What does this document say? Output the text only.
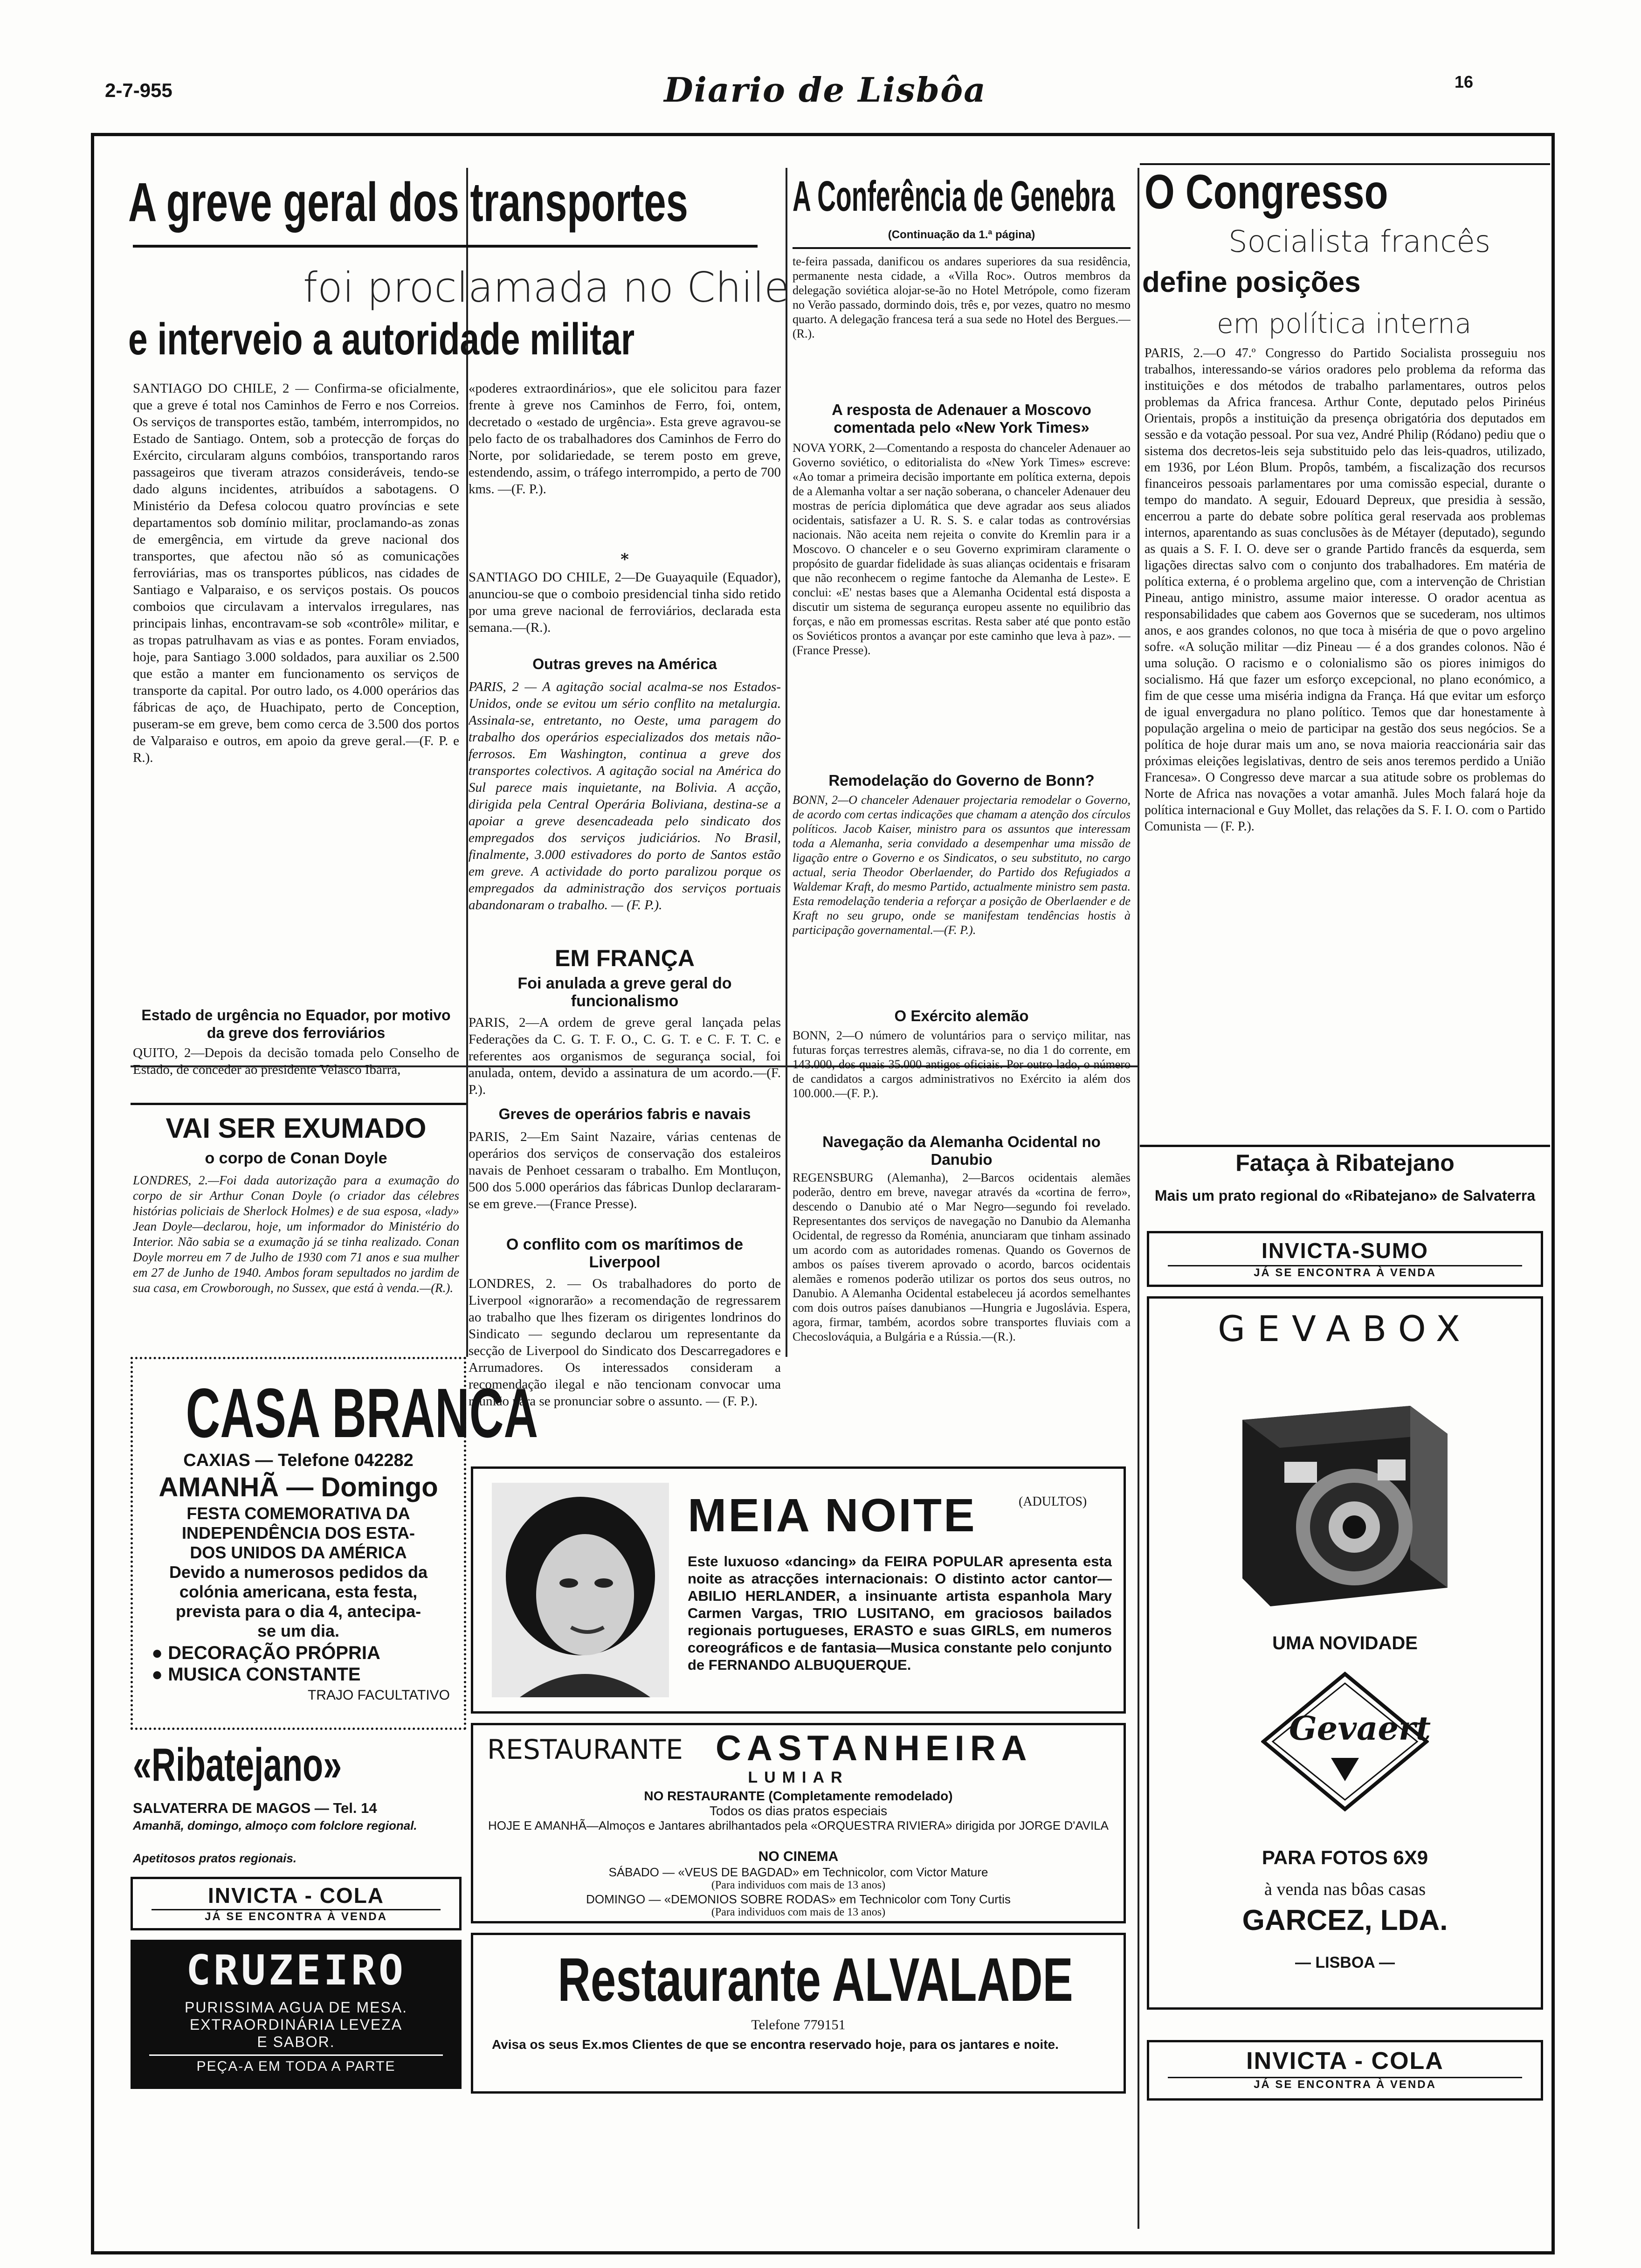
2-7-955	Diario de Lisbôa	16
A greve geral dos transportes
foi proclamada no Chile
e interveio a autoridade militar
SANTIAGO DO CHILE, 2 — Confirma-se oficialmente, que a greve é total nos Caminhos de Ferro e nos Correios. Os serviços de transportes estão, também, interrompidos, no Estado de Santiago. Ontem, sob a protecção de forças do Exército, circularam alguns combóios, transportando raros passageiros que tiveram atrazos consideráveis, tendo-se dado alguns incidentes, atribuídos a sabotagens. O Ministério da Defesa colocou quatro províncias e sete departamentos sob domínio militar, proclamando-as zonas de emergência, em virtude da greve nacional dos transportes, que afectou não só as comunicações ferroviárias, mas os transportes públicos, nas cidades de Santiago e Valparaiso, e os serviços postais. Os poucos comboios que circulavam a intervalos irregulares, nas principais linhas, encontravam-se sob «contrôle» militar, e as tropas patrulhavam as vias e as pontes. Foram enviados, hoje, para Santiago 3.000 soldados, para auxiliar os 2.500 que estão a manter em funcionamento os serviços de transporte da capital. Por outro lado, os 4.000 operários das fábricas de aço, de Huachipato, perto de Conception, puseram-se em greve, bem como cerca de 3.500 dos portos de Valparaiso e outros, em apoio da greve geral.—(F. P. e R.).
Estado de urgência no Equador, por motivo da greve dos ferroviários
QUITO, 2—Depois da decisão tomada pelo Conselho de Estado, de conceder ao presidente Velasco Ibarra,
«poderes extraordinários», que ele solicitou para fazer frente à greve nos Caminhos de Ferro, foi, ontem, decretado o «estado de urgência». Esta greve agravou-se pelo facto de os trabalhadores dos Caminhos de Ferro do Norte, por solidariedade, se terem posto em greve, estendendo, assim, o tráfego interrompido, a perto de 700 kms. —(F. P.).
*
SANTIAGO DO CHILE, 2—De Guayaquile (Equador), anunciou-se que o comboio presidencial tinha sido retido por uma greve nacional de ferroviários, declarada esta semana.—(R.).
Outras greves na América
PARIS, 2 — A agitação social acalma-se nos Estados-Unidos, onde se evitou um sério conflito na metalurgia. Assinala-se, entretanto, no Oeste, uma paragem do trabalho dos operários especializados dos metais não-ferrosos. Em Washington, continua a greve dos transportes colectivos. A agitação social na América do Sul parece mais inquietante, na Bolivia. A acção, dirigida pela Central Operária Boliviana, destina-se a apoiar a greve desencadeada pelo sindicato dos empregados dos serviços judiciários. No Brasil, finalmente, 3.000 estivadores do porto de Santos estão em greve. A actividade do porto paralizou porque os empregados da administração dos serviços portuais abandonaram o trabalho. — (F. P.).
EM FRANÇA
Foi anulada a greve geral do funcionalismo
PARIS, 2—A ordem de greve geral lançada pelas Federações da C. G. T. F. O., C. G. T. e C. F. T. C. e referentes aos organismos de segurança social, foi anulada, ontem, devido a assinatura de um acordo.—(F. P.).
Greves de operários fabris e navais
PARIS, 2—Em Saint Nazaire, várias centenas de operários dos serviços de conservação dos estaleiros navais de Penhoet cessaram o trabalho. Em Montluçon, 500 dos 5.000 operários das fábricas Dunlop declararam-se em greve.—(France Presse).
O conflito com os marítimos de Liverpool
LONDRES, 2. — Os trabalhadores do porto de Liverpool «ignorarão» a recomendação de regressarem ao trabalho que lhes fizeram os dirigentes londrinos do Sindicato — segundo declarou um representante da secção de Liverpool do Sindicato dos Descarregadores e Arrumadores. Os interessados consideram a recomendação ilegal e não tencionam convocar uma reunião para se pronunciar sobre o assunto. — (F. P.).
A Conferência de Genebra
(Continuação da 1.ª página)
te-feira passada, danificou os andares superiores da sua residência, permanente nesta cidade, a «Villa Roc». Outros membros da delegação soviética alojar-se-ão no Hotel Metrópole, como fizeram no Verão passado, dormindo dois, três e, por vezes, quatro no mesmo quarto. A delegação francesa terá a sua sede no Hotel des Bergues.—(R.).
A resposta de Adenauer a Moscovo comentada pelo «New York Times»
NOVA YORK, 2—Comentando a resposta do chanceler Adenauer ao Governo soviético, o editorialista do «New York Times» escreve: «Ao tomar a primeira decisão importante em política externa, depois de a Alemanha voltar a ser nação soberana, o chanceler Adenauer deu mostras de perícia diplomática que deve agradar aos seus aliados ocidentais, satisfazer a U. R. S. S. e calar todas as controvérsias nacionais. Não aceita nem rejeita o convite do Kremlin para ir a Moscovo. O chanceler e o seu Governo exprimiram claramente o propósito de guardar fidelidade às suas alianças ocidentais e frisaram que não reconhecem o regime fantoche da Alemanha de Leste». E conclui: «E' nestas bases que a Alemanha Ocidental está disposta a discutir um sistema de segurança europeu assente no equilibrio das forças, e não em promessas escritas. Resta saber até que ponto estão os Soviéticos prontos a avançar por este caminho que leva à paz». — (France Presse).
Remodelação do Governo de Bonn?
BONN, 2—O chanceler Adenauer projectaria remodelar o Governo, de acordo com certas indicações que chamam a atenção dos círculos políticos. Jacob Kaiser, ministro para os assuntos que interessam toda a Alemanha, seria convidado a desempenhar uma missão de ligação entre o Governo e os Sindicatos, o seu substituto, no cargo actual, seria Theodor Oberlaender, do Partido dos Refugiados a Waldemar Kraft, do mesmo Partido, actualmente ministro sem pasta. Esta remodelação tenderia a reforçar a posição de Oberlaender e de Kraft no seu grupo, onde se manifestam tendências hostis à participação governamental.—(F. P.).
O Exército alemão
BONN, 2—O número de voluntários para o serviço militar, nas futuras forças terrestres alemãs, cifrava-se, no dia 1 do corrente, em 143.000, dos quais 35.000 antigos oficiais. Por outro lado, o número de candidatos a cargos administrativos no Exército ia além dos 100.000.—(F. P.).
Navegação da Alemanha Ocidental no Danubio
REGENSBURG (Alemanha), 2—Barcos ocidentais alemães poderão, dentro em breve, navegar através da «cortina de ferro», descendo o Danubio até o Mar Negro—segundo foi revelado. Representantes dos serviços de navegação no Danubio da Alemanha Ocidental, de regresso da Roménia, anunciaram que tinham assinado um acordo com as autoridades romenas. Quando os Governos de ambos os países tiverem aprovado o acordo, barcos ocidentais alemães e romenos poderão utilizar os portos dos seus outros, no Danubio. A Alemanha Ocidental estabeleceu já acordos semelhantes com dois outros países danubianos —Hungria e Jugoslávia. Espera, agora, firmar, também, acordos sobre transportes fluviais com a Checoslováquia, a Bulgária e a Rússia.—(R.).
O Congresso
Socialista francês
define posições
em política interna
PARIS, 2.—O 47.º Congresso do Partido Socialista prosseguiu nos trabalhos, interessando-se vários oradores pelo problema da reforma das instituições e dos métodos de trabalho parlamentares, outros pelos problemas da Africa francesa. Arthur Conte, deputado pelos Pirinéus Orientais, propôs a instituição da presença obrigatória dos deputados em sessão e da votação pessoal. Por sua vez, André Philip (Ródano) pediu que o sistema dos decretos-leis seja substituido pelo das leis-quadros, utilizado, em 1936, por Léon Blum. Propôs, também, a fiscalização dos recursos financeiros pessoais parlamentares por uma comissão especial, durante o tempo do mandato. A seguir, Edouard Depreux, que presidia à sessão, encerrou a parte do debate sobre política geral reservada aos problemas internos, aparentando as suas conclusões às de Métayer (deputado), segundo as quais a S. F. I. O. deve ser o grande Partido francês da esquerda, sem ligações directas salvo com o conjunto dos trabalhadores. Em matéria de política externa, é o problema argelino que, com a intervenção de Christian Pineau, antigo ministro, assume maior interesse. O orador acentua as responsabilidades que cabem aos Governos que se sucederam, nos ultimos anos, e aos grandes colonos, no que toca à miséria de que o povo argelino sofre. «A solução militar —diz Pineau — é a dos grandes colonos. Não é uma solução. O racismo e o colonialismo são os piores inimigos do socialismo. Há que fazer um esforço excepcional, no plano económico, a fim de que cesse uma miséria indigna da França. Há que evitar um esforço de igual envergadura no plano político. Temos que dar honestamente à população argelina o meio de participar na gestão dos seus negócios. Se a política de hoje durar mais um ano, se nova maioria reaccionária sair das próximas eleições legislativas, dentro de seis anos teremos perdido a União Francesa». O Congresso deve marcar a sua atitude sobre os problemas do Norte de Africa nas novações a votar amanhã. Jules Moch falará hoje da política internacional e Guy Mollet, das relações da S. F. I. O. com o Partido Comunista — (F. P.).
Fataça à Ribatejano
Mais um prato regional do «Ribatejano» de Salvaterra
INVICTA-SUMO
JÁ SE ENCONTRA À VENDA
GEVABOX
UMA NOVIDADE
Gevaert
PARA FOTOS 6X9
à venda nas bôas casas
GARCEZ, LDA.
— LISBOA —
INVICTA - COLA
JÁ SE ENCONTRA À VENDA
VAI SER EXUMADO
o corpo de Conan Doyle
LONDRES, 2.—Foi dada autorização para a exumação do corpo de sir Arthur Conan Doyle (o criador das célebres histórias policiais de Sherlock Holmes) e de sua esposa, «lady» Jean Doyle—declarou, hoje, um informador do Ministério do Interior. Não sabia se a exumação já se tinha realizado. Conan Doyle morreu em 7 de Julho de 1930 com 71 anos e sua mulher em 27 de Junho de 1940. Ambos foram sepultados no jardim de sua casa, em Crowborough, no Sussex, que está à venda.—(R.).
CASA BRANCA
CAXIAS — Telefone 042282
AMANHÃ — Domingo
FESTA COMEMORATIVA DA
INDEPENDÊNCIA DOS ESTA-
DOS UNIDOS DA AMÉRICA
Devido a numerosos pedidos da
colónia americana, esta festa,
prevista para o dia 4, antecipa-
se um dia.
● DECORAÇÃO PRÓPRIA
● MUSICA CONSTANTE
TRAJO FACULTATIVO
«Ribatejano»
SALVATERRA DE MAGOS — Tel. 14
Amanhã, domingo, almoço com folclore regional.
Apetitosos pratos regionais.
INVICTA - COLA
JÁ SE ENCONTRA À VENDA
CRUZEIRO
PURISSIMA AGUA DE MESA.
EXTRAORDINÁRIA LEVEZA
E SABOR.
PEÇA-A EM TODA A PARTE
MEIA NOITE	(ADULTOS)
Este luxuoso «dancing» da FEIRA POPULAR apresenta esta noite as atracções internacionais: O distinto actor cantor—ABILIO HERLANDER, a insinuante artista espanhola Mary Carmen Vargas, TRIO LUSITANO, em graciosos bailados regionais portugueses, ERASTO e suas GIRLS, em numeros coreográficos e de fantasia—Musica constante pelo conjunto de FERNANDO ALBUQUERQUE.
RESTAURANTE CASTANHEIRA
LUMIAR
NO RESTAURANTE (Completamente remodelado)
Todos os dias pratos especiais
HOJE E AMANHÃ—Almoços e Jantares abrilhantados pela «ORQUESTRA RIVIERA» dirigida por JORGE D'AVILA
NO CINEMA
SÁBADO — «VEUS DE BAGDAD» em Technicolor, com Victor Mature
(Para individuos com mais de 13 anos)
DOMINGO — «DEMONIOS SOBRE RODAS» em Technicolor com Tony Curtis
(Para individuos com mais de 13 anos)
Restaurante ALVALADE
Telefone 779151
Avisa os seus Ex.mos Clientes de que se encontra reservado hoje, para os jantares e noite.
